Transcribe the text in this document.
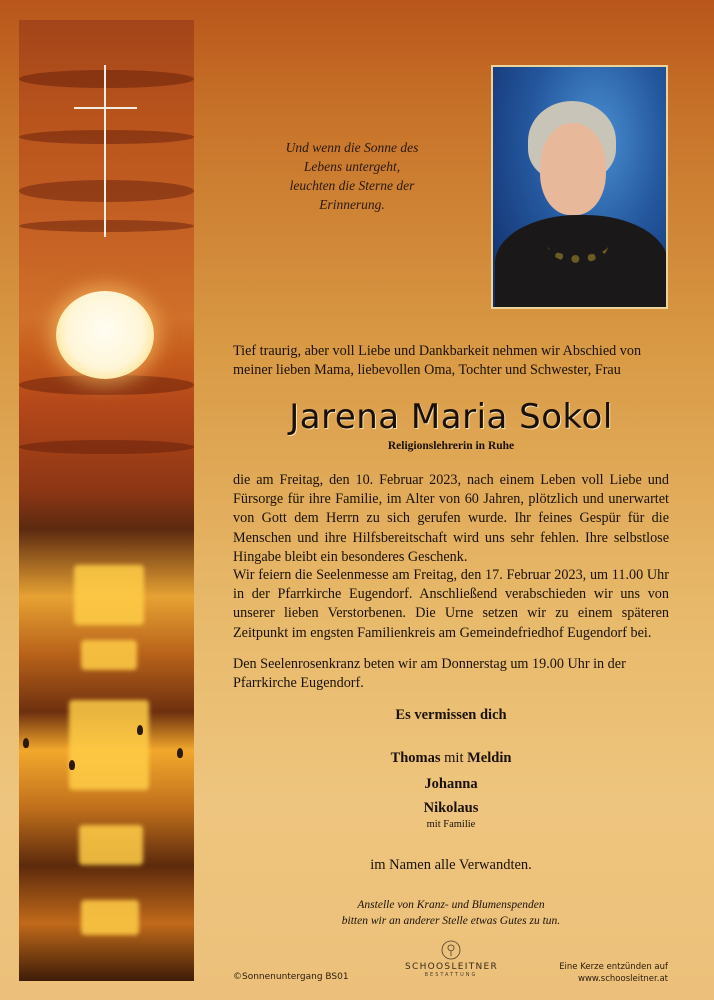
Und wenn die Sonne des
Lebens untergeht,
leuchten die Sterne der
Erinnerung.
Tief traurig, aber voll Liebe und Dankbarkeit nehmen wir Abschied von meiner lieben Mama, liebevollen Oma, Tochter und Schwester, Frau
Jarena Maria Sokol
Religionslehrerin in Ruhe

die am Freitag, den 10. Februar 2023, nach einem Leben voll Liebe und Fürsorge für ihre Familie, im Alter von 60 Jahren, plötzlich und unerwartet von Gott dem Herrn zu sich gerufen wurde. Ihr feines Gespür für die Menschen und ihre Hilfsbereitschaft wird uns sehr fehlen. Ihre selbstlose Hingabe bleibt ein besonderes Geschenk.

Wir feiern die Seelenmesse am Freitag, den 17. Februar 2023, um 11.00 Uhr in der Pfarrkirche Eugendorf. Anschließend verabschieden wir uns von unserer lieben Verstorbenen. Die Urne setzen wir zu einem späteren Zeitpunkt im engsten Familienkreis am Gemeindefriedhof Eugendorf bei.

Den Seelenrosenkranz beten wir am Donnerstag um 19.00 Uhr in der Pfarrkirche Eugendorf.

Es vermissen dich
Thomas mit Meldin
Johanna
Nikolaus
mit Familie
im Namen alle Verwandten.
Anstelle von Kranz- und Blumenspenden
bitten wir an anderer Stelle etwas Gutes zu tun.
©Sonnenuntergang BS01
SCHOOSLEITNER
BESTATTUNG
Eine Kerze entzünden auf
www.schoosleitner.at
